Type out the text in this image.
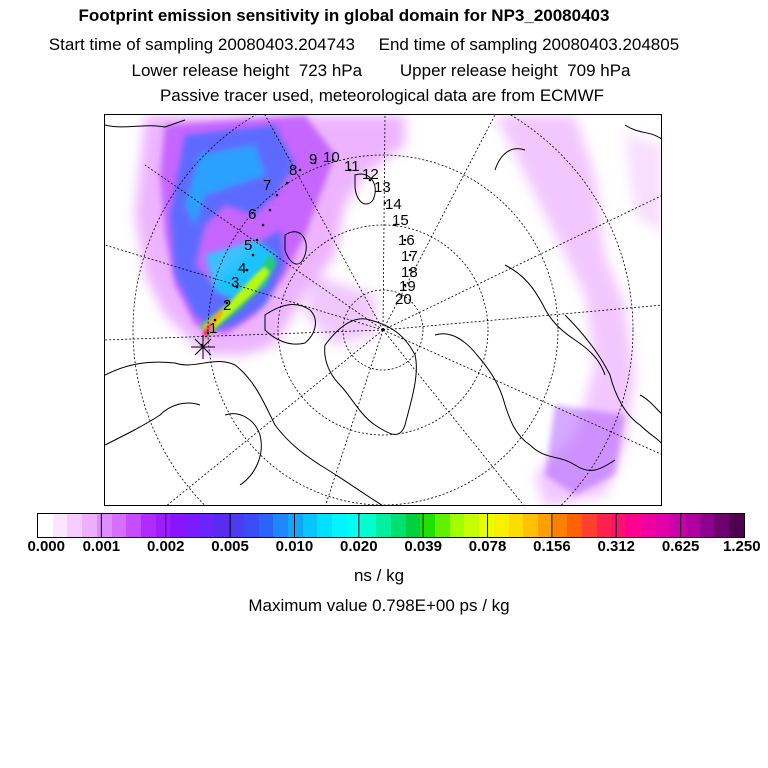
Footprint emission sensitivity in global domain for NP3_20080403
Start time of sampling 20080403.204743     End time of sampling 20080403.204805
Lower release height  723 hPa        Upper release height  709 hPa
Passive tracer used, meteorological data are from ECMWF
1
2
3
4
5
6
7
8
9 10
11 12
13
14
15
16
17
18
19
20
0.000 0.001 0.002 0.005 0.010 0.020 0.039 0.078 0.156 0.312 0.625 1.250
ns / kg
Maximum value 0.798E+00 ps / kg
